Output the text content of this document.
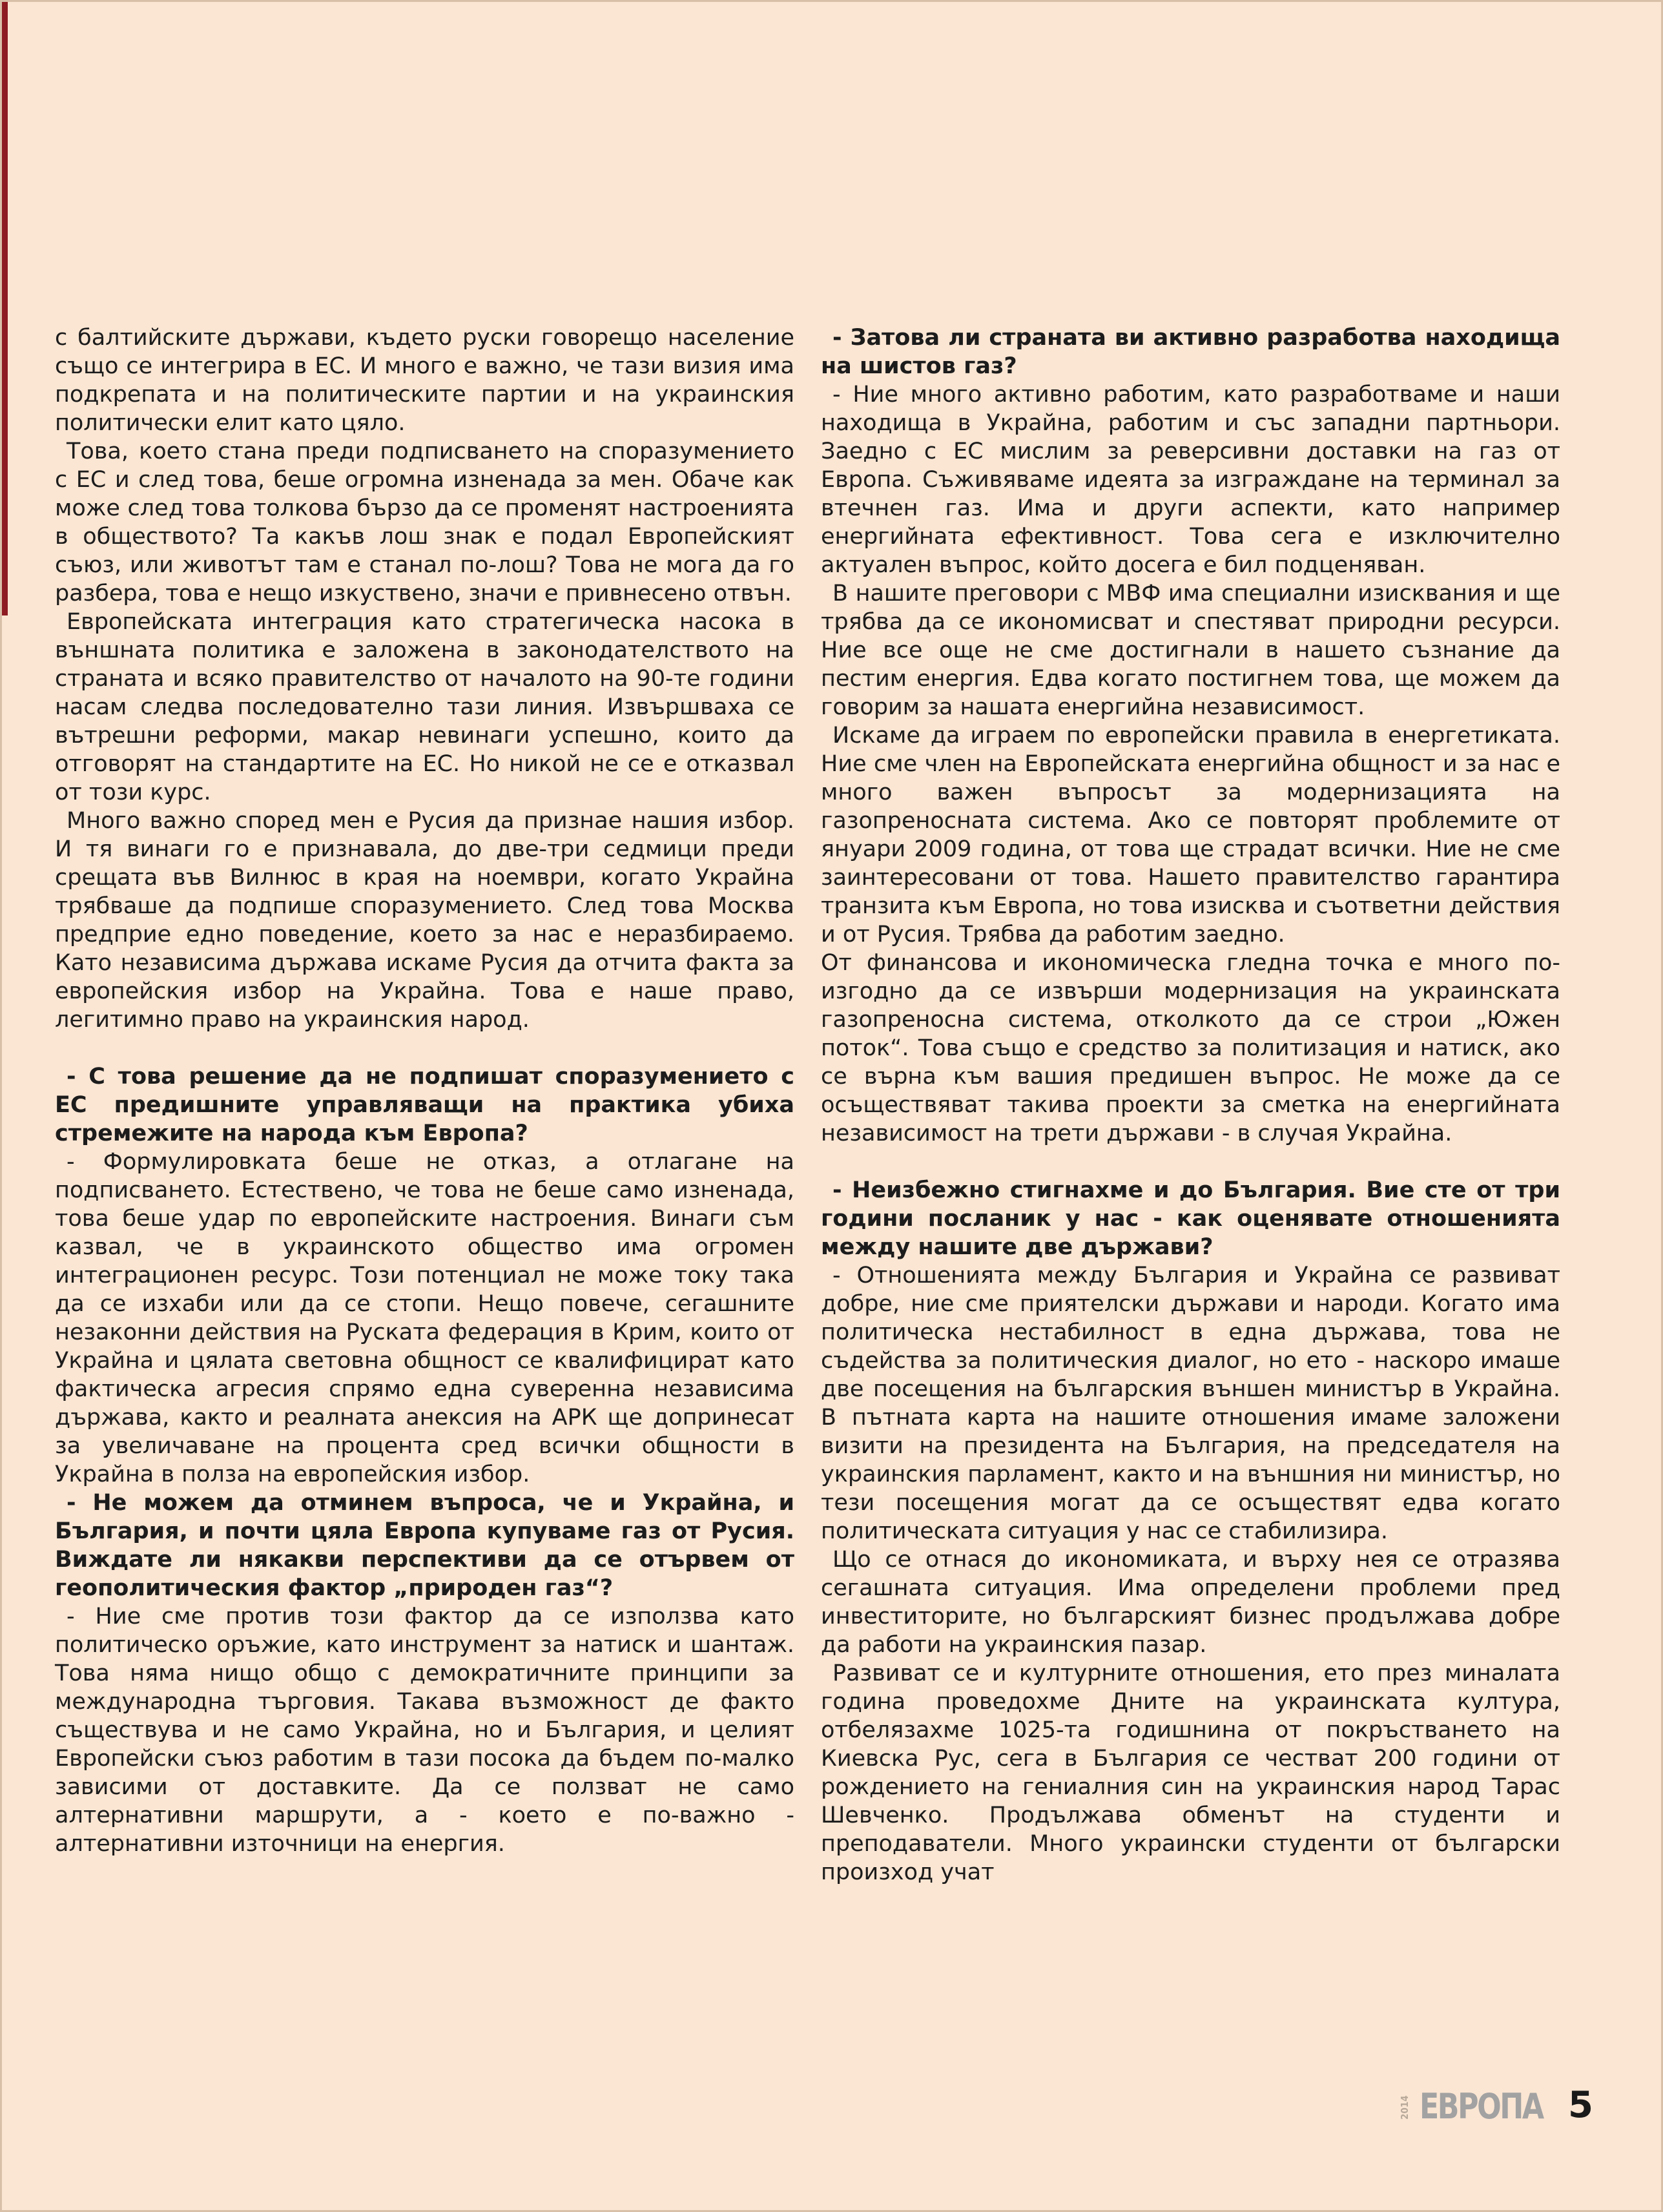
с балтийските държави, където руски говорещо население също се интегрира в ЕС. И много е важно, че тази визия има подкрепата и на политическите партии и на украинския политически елит като цяло.

Това, което стана преди подписването на споразумението с ЕС и след това, беше огромна изненада за мен. Обаче как може след това толкова бързо да се променят настроенията в обществото? Та какъв лош знак е подал Европейският съюз, или животът там е станал по-лош? Това не мога да го разбера, това е нещо изкуствено, значи е привнесено отвън.

Европейската интеграция като стратегическа насока в външната политика е заложена в законодателството на страната и всяко правителство от началото на 90-те години насам следва последователно тази линия. Извършваха се вътрешни реформи, макар невинаги успешно, които да отговорят на стандартите на ЕС. Но никой не се е отказвал от този курс.

Много важно според мен е Русия да признае нашия избор. И тя винаги го е признавала, до две-три седмици преди срещата във Вилнюс в края на ноември, когато Украйна трябваше да подпише споразумението. След това Москва предприе едно поведение, което за нас е неразбираемо. Като независима държава искаме Русия да отчита факта за европейския избор на Украйна. Това е наше право, легитимно право на украинския народ.

- С това решение да не подпишат споразумението с ЕС предишните управляващи на практика убиха стремежите на народа към Европа?

- Формулировката беше не отказ, а отлагане на подписването. Естествено, че това не беше само изненада, това беше удар по европейските настроения. Винаги съм казвал, че в украинското общество има огромен интеграционен ресурс. Този потенциал не може току така да се изхаби или да се стопи. Нещо повече, сегашните незаконни действия на Руската федерация в Крим, които от Украйна и цялата световна общност се квалифицират като фактическа агресия спрямо една суверенна независима държава, както и реалната анексия на АРК ще допринесат за увеличаване на процента сред всички общности в Украйна в полза на европейския избор.

- Не можем да отминем въпроса, че и Украйна, и България, и почти цяла Европа купуваме газ от Русия. Виждате ли някакви перспективи да се отървем от геополитическия фактор „природен газ“?

- Ние сме против този фактор да се използва като политическо оръжие, като инструмент за натиск и шантаж. Това няма нищо общо с демократичните принципи за международна търговия. Такава възможност де факто съществува и не само Украйна, но и България, и целият Европейски съюз работим в тази посока да бъдем по-малко зависими от доставките. Да се ползват не само алтернативни маршрути, а - което е по-важно - алтернативни източници на енергия.

- Затова ли страната ви активно разработва находища на шистов газ?

- Ние много активно работим, като разработваме и наши находища в Украйна, работим и със западни партньори. Заедно с ЕС мислим за реверсивни доставки на газ от Европа. Съживяваме идеята за изграждане на терминал за втечнен газ. Има и други аспекти, като например енергийната ефективност. Това сега е изключително актуален въпрос, който досега е бил подценяван.

В нашите преговори с МВФ има специални изисквания и ще трябва да се икономисват и спестяват природни ресурси. Ние все още не сме достигнали в нашето съзнание да пестим енергия. Едва когато постигнем това, ще можем да говорим за нашата енергийна независимост.

Искаме да играем по европейски правила в енергетиката. Ние сме член на Европейската енергийна общност и за нас е много важен въпросът за модернизацията на газопреносната система. Ако се повторят проблемите от януари 2009 година, от това ще страдат всички. Ние не сме заинтересовани от това. Нашето правителство гарантира транзита към Европа, но това изисква и съответни действия и от Русия. Трябва да работим заедно.

От финансова и икономическа гледна точка е много по-изгодно да се извърши модернизация на украинската газопреносна система, отколкото да се строи „Южен поток“. Това също е средство за политизация и натиск, ако се върна към вашия предишен въпрос. Не може да се осъществяват такива проекти за сметка на енергийната независимост на трети държави - в случая Украйна.

- Неизбежно стигнахме и до България. Вие сте от три години посланик у нас - как оценявате отношенията между нашите две държави?

- Отношенията между България и Украйна се развиват добре, ние сме приятелски държави и народи. Когато има политическа нестабилност в една държава, това не съдейства за политическия диалог, но ето - наскоро имаше две посещения на българския външен министър в Украйна. В пътната карта на нашите отношения имаме заложени визити на президента на България, на председателя на украинския парламент, както и на външния ни министър, но тези посещения могат да се осъществят едва когато политическата ситуация у нас се стабилизира.

Що се отнася до икономиката, и върху нея се отразява сегашната ситуация. Има определени проблеми пред инвеститорите, но българският бизнес продължава добре да работи на украинския пазар.

Развиват се и културните отношения, ето през миналата година проведохме Дните на украинската култура, отбелязахме 1025-та годишнина от покръстването на Киевска Рус, сега в България се честват 200 години от рождението на гениалния син на украинския народ Тарас Шевченко. Продължава обменът на студенти и преподаватели. Много украински студенти от български произход учат

2014 ЕВРОПА 5
